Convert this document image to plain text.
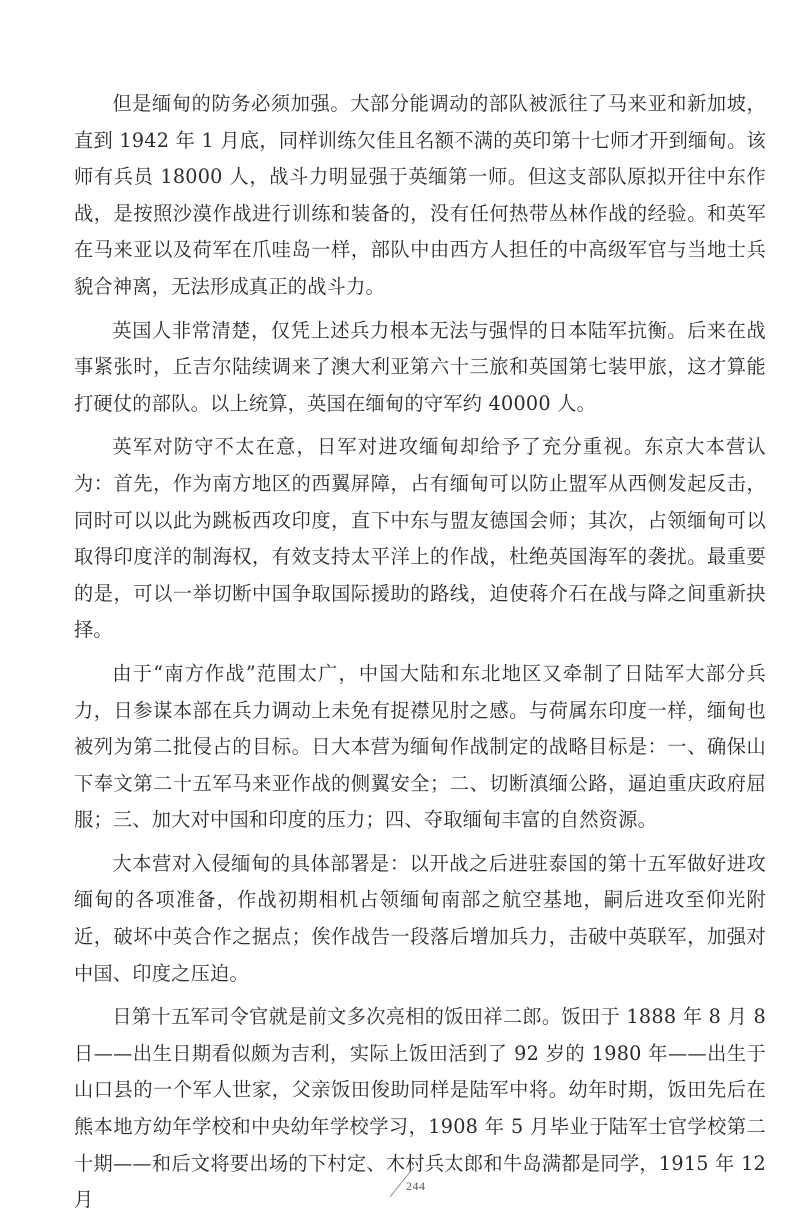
但是缅甸的防务必须加强。大部分能调动的部队被派往了马来亚和新加坡，直到 1942 年 1 月底，同样训练欠佳且名额不满的英印第十七师才开到缅甸。该师有兵员 18000 人，战斗力明显强于英缅第一师。但这支部队原拟开往中东作战，是按照沙漠作战进行训练和装备的，没有任何热带丛林作战的经验。和英军在马来亚以及荷军在爪哇岛一样，部队中由西方人担任的中高级军官与当地士兵貌合神离，无法形成真正的战斗力。

英国人非常清楚，仅凭上述兵力根本无法与强悍的日本陆军抗衡。后来在战事紧张时，丘吉尔陆续调来了澳大利亚第六十三旅和英国第七装甲旅，这才算能打硬仗的部队。以上统算，英国在缅甸的守军约 40000 人。

英军对防守不太在意，日军对进攻缅甸却给予了充分重视。东京大本营认为：首先，作为南方地区的西翼屏障，占有缅甸可以防止盟军从西侧发起反击，同时可以以此为跳板西攻印度，直下中东与盟友德国会师；其次，占领缅甸可以取得印度洋的制海权，有效支持太平洋上的作战，杜绝英国海军的袭扰。最重要的是，可以一举切断中国争取国际援助的路线，迫使蒋介石在战与降之间重新抉择。

由于“南方作战”范围太广，中国大陆和东北地区又牵制了日陆军大部分兵力，日参谋本部在兵力调动上未免有捉襟见肘之感。与荷属东印度一样，缅甸也被列为第二批侵占的目标。日大本营为缅甸作战制定的战略目标是：一、确保山下奉文第二十五军马来亚作战的侧翼安全；二、切断滇缅公路，逼迫重庆政府屈服；三、加大对中国和印度的压力；四、夺取缅甸丰富的自然资源。

大本营对入侵缅甸的具体部署是：以开战之后进驻泰国的第十五军做好进攻缅甸的各项准备，作战初期相机占领缅甸南部之航空基地，嗣后进攻至仰光附近，破坏中英合作之据点；俟作战告一段落后增加兵力，击破中英联军，加强对中国、印度之压迫。

日第十五军司令官就是前文多次亮相的饭田祥二郎。饭田于 1888 年 8 月 8 日——出生日期看似颇为吉利，实际上饭田活到了 92 岁的 1980 年——出生于山口县的一个军人世家，父亲饭田俊助同样是陆军中将。幼年时期，饭田先后在熊本地方幼年学校和中央幼年学校学习，1908 年 5 月毕业于陆军士官学校第二十期——和后文将要出场的下村定、木村兵太郎和牛岛满都是同学，1915 年 12 月

244
